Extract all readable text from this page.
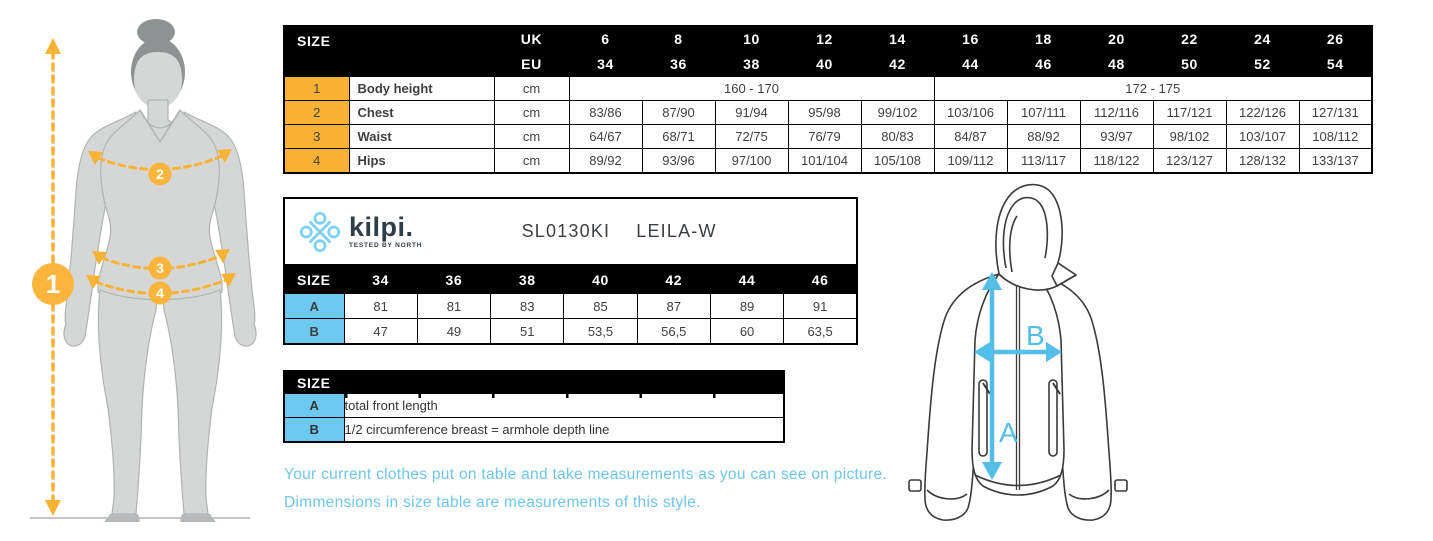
1
2
3
4
SIZE		UK	6	8	10	12	14	16	18	20	22	24	26
		EU	34	36	38	40	42	44	46	48	50	52	54
1	Body height	cm	160 - 170					172 - 175					
2	Chest	cm	83/86	87/90	91/94	95/98	99/102	103/106	107/111	112/116	117/121	122/126	127/131
3	Waist	cm	64/67	68/71	72/75	76/79	80/83	84/87	88/92	93/97	98/102	103/107	108/112
4	Hips	cm	89/92	93/96	97/100	101/104	105/108	109/112	113/117	118/122	123/127	128/132	133/137
kilpi.
TESTED BY NORTH
SL0130KI LEILA-W
SIZE	34	36	38	40	42	44	46
A	81	81	83	85	87	89	91
B	47	49	51	53,5	56,5	60	63,5
SIZE	
A	total front length
B	1/2 circumference breast = armhole depth line
Your current clothes put on table and take measurements as you can see on picture.
Dimmensions in size table are measurements of this style.
A
B
